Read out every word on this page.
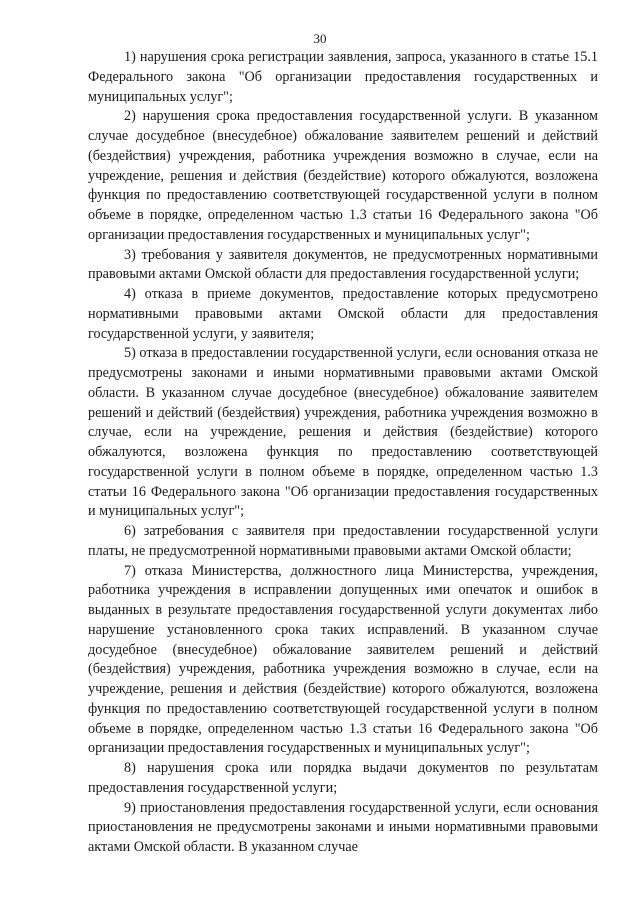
30

1) нарушения срока регистрации заявления, запроса, указанного в статье 15.1 Федерального закона "Об организации предоставления государственных и муниципальных услуг";

2) нарушения срока предоставления государственной услуги. В указанном случае досудебное (внесудебное) обжалование заявителем решений и действий (бездействия) учреждения, работника учреждения возможно в случае, если на учреждение, решения и действия (бездействие) которого обжалуются, возложена функция по предоставлению соответствующей государственной услуги в полном объеме в порядке, определенном частью 1.3 статьи 16 Федерального закона "Об организации предоставления государственных и муниципальных услуг";

3) требования у заявителя документов, не предусмотренных нормативными правовыми актами Омской области для предоставления государственной услуги;

4) отказа в приеме документов, предоставление которых предусмотрено нормативными правовыми актами Омской области для предоставления государственной услуги, у заявителя;

5) отказа в предоставлении государственной услуги, если основания отказа не предусмотрены законами и иными нормативными правовыми актами Омской области. В указанном случае досудебное (внесудебное) обжалование заявителем решений и действий (бездействия) учреждения, работника учреждения возможно в случае, если на учреждение, решения и действия (бездействие) которого обжалуются, возложена функция по предоставлению соответствующей государственной услуги в полном объеме в порядке, определенном частью 1.3 статьи 16 Федерального закона "Об организации предоставления государственных и муниципальных услуг";

6) затребования с заявителя при предоставлении государственной услуги платы, не предусмотренной нормативными правовыми актами Омской области;

7) отказа Министерства, должностного лица Министерства, учреждения, работника учреждения в исправлении допущенных ими опечаток и ошибок в выданных в результате предоставления государственной услуги документах либо нарушение установленного срока таких исправлений. В указанном случае досудебное (внесудебное) обжалование заявителем решений и действий (бездействия) учреждения, работника учреждения возможно в случае, если на учреждение, решения и действия (бездействие) которого обжалуются, возложена функция по предоставлению соответствующей государственной услуги в полном объеме в порядке, определенном частью 1.3 статьи 16 Федерального закона "Об организации предоставления государственных и муниципальных услуг";

8) нарушения срока или порядка выдачи документов по результатам предоставления государственной услуги;

9) приостановления предоставления государственной услуги, если основания приостановления не предусмотрены законами и иными нормативными правовыми актами Омской области. В указанном случае
